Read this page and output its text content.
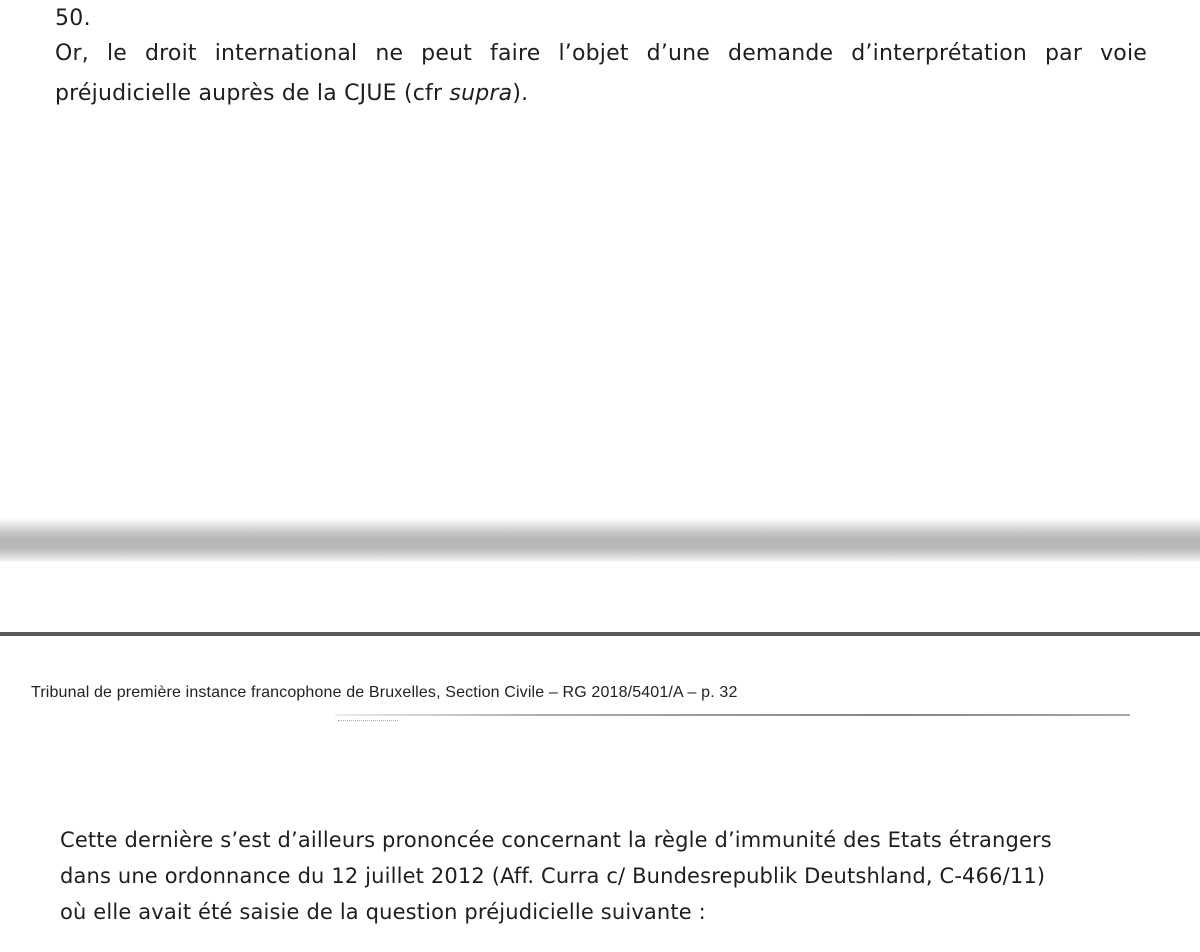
50.
Or, le droit international ne peut faire l’objet d’une demande d’interprétation par voie préjudicielle auprès de la CJUE (cfr supra).
Tribunal de première instance francophone de Bruxelles, Section Civile – RG 2018/5401/A – p. 32
Cette dernière s’est d’ailleurs prononcée concernant la règle d’immunité des Etats étrangers
dans une ordonnance du 12 juillet 2012 (Aff. Curra c/ Bundesrepublik Deutshland, C-466/11)
où elle avait été saisie de la question préjudicielle suivante :
